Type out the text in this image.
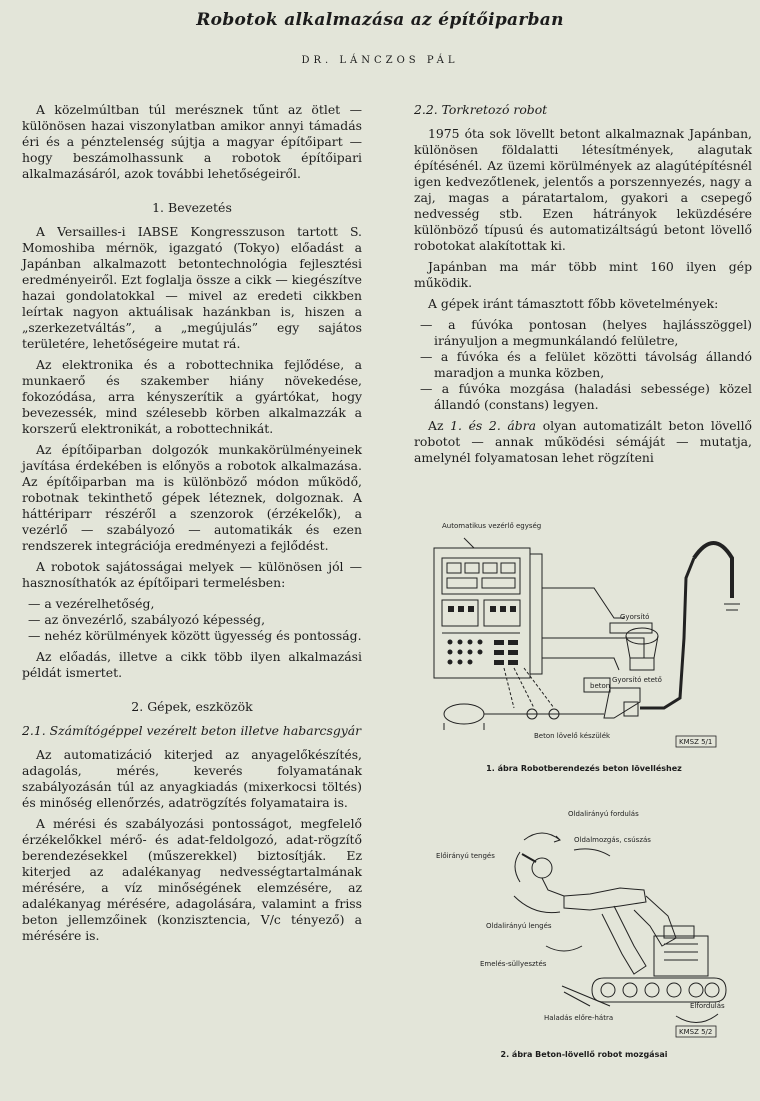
Robotok alkalmazása az építőiparban
DR. LÁNCZOS PÁL

A közelmúltban túl merésznek tűnt az ötlet — különösen hazai viszonylatban amikor annyi támadás éri és a pénztelenség sújtja a magyar építőipart — hogy beszámolhassunk a robotok építőipari alkalmazásáról, azok további lehetőségeiről.

1. Bevezetés

A Versailles-i IABSE Kongresszuson tartott S. Momoshiba mérnök, igazgató (Tokyo) előadást a Japánban alkalmazott betontechnológia fejlesztési eredményeiről. Ezt foglalja össze a cikk — kiegészítve hazai gondolatokkal — mivel az eredeti cikkben leírtak nagyon aktuálisak hazánkban is, hiszen a „szerkezetváltás”, a „megújulás” egy sajátos területére, lehetőségeire mutat rá.

Az elektronika és a robottechnika fejlődése, a munkaerő és szakember hiány növekedése, fokozódása, arra kényszerítik a gyártókat, hogy bevezessék, mind szélesebb körben alkalmazzák a korszerű elektronikát, a robottechnikát.

Az építőiparban dolgozók munkakörülményeinek javítása érdekében is előnyös a robotok alkalmazása. Az építőiparban ma is különböző módon működő, robotnak tekinthető gépek léteznek, dolgoznak. A háttériparr részéről a szenzorok (érzékelők), a vezérlő — szabályozó — automatikák és ezen rendszerek integrációja eredményezi a fejlődést.

A robotok sajátosságai melyek — különösen jól — hasznosíthatók az építőipari termelésben:

— a vezérelhetőség,
— az önvezérlő, szabályozó képesség,
— nehéz körülmények között ügyesség és pontosság.

Az előadás, illetve a cikk több ilyen alkalmazási példát ismertet.

2. Gépek, eszközök
2.1. Számítógéppel vezérelt beton illetve habarcsgyár

Az automatizáció kiterjed az anyagelőkészítés, adagolás, mérés, keverés folyamatának szabályozásán túl az anyagkiadás (mixerkocsi töltés) és minőség ellenőrzés, adatrögzítés folyamataira is.

A mérési és szabályozási pontosságot, megfelelő érzékelőkkel mérő- és adat-feldolgozó, adat-rögzítő berendezésekkel (műszerekkel) biztosítják. Ez kiterjed az adalékanyag nedvességtartalmának mérésére, a víz minőségének elemzésére, az adalékanyag mérésére, adagolására, valamint a friss beton jellemzőinek (konzisztencia, V/c tényező) a mérésére is.

2.2. Torkretozó robot

1975 óta sok lövellt betont alkalmaznak Japánban, különösen földalatti létesítmények, alagutak építésénél. Az üzemi körülmények az alagútépítésnél igen kedvezőtlenek, jelentős a porszennyezés, nagy a zaj, magas a páratartalom, gyakori a csepegő nedvesség stb. Ezen hátrányok leküzdésére különböző típusú és automatizáltságú betont lövellő robotokat alakítottak ki.

Japánban ma már több mint 160 ilyen gép működik.

A gépek iránt támasztott főbb követelmények:

— a fúvóka pontosan (helyes hajlásszöggel) irányuljon a megmunkálandó felületre,
— a fúvóka és a felület közötti távolság állandó maradjon a munka közben,
— a fúvóka mozgása (haladási sebessége) közel állandó (constans) legyen.

Az 1. és 2. ábra olyan automatizált beton lövellő robotot — annak működési sémáját — mutatja, amelynél folyamatosan lehet rögzíteni

Automatikus vezérlő egység
Gyorsító
Gyorsító etető
beton
Beton lövelő készülék
KMSZ 5/1
1. ábra Robotberendezés beton lövelléshez
Oldalirányú fordulás
Oldalmozgás, csúszás
Előirányú tengés
Oldalirányú lengés
Emelés-süllyesztés
Haladás előre-hátra
Elfordulás
KMSZ 5/2
2. ábra Beton-lövellő robot mozgásai
